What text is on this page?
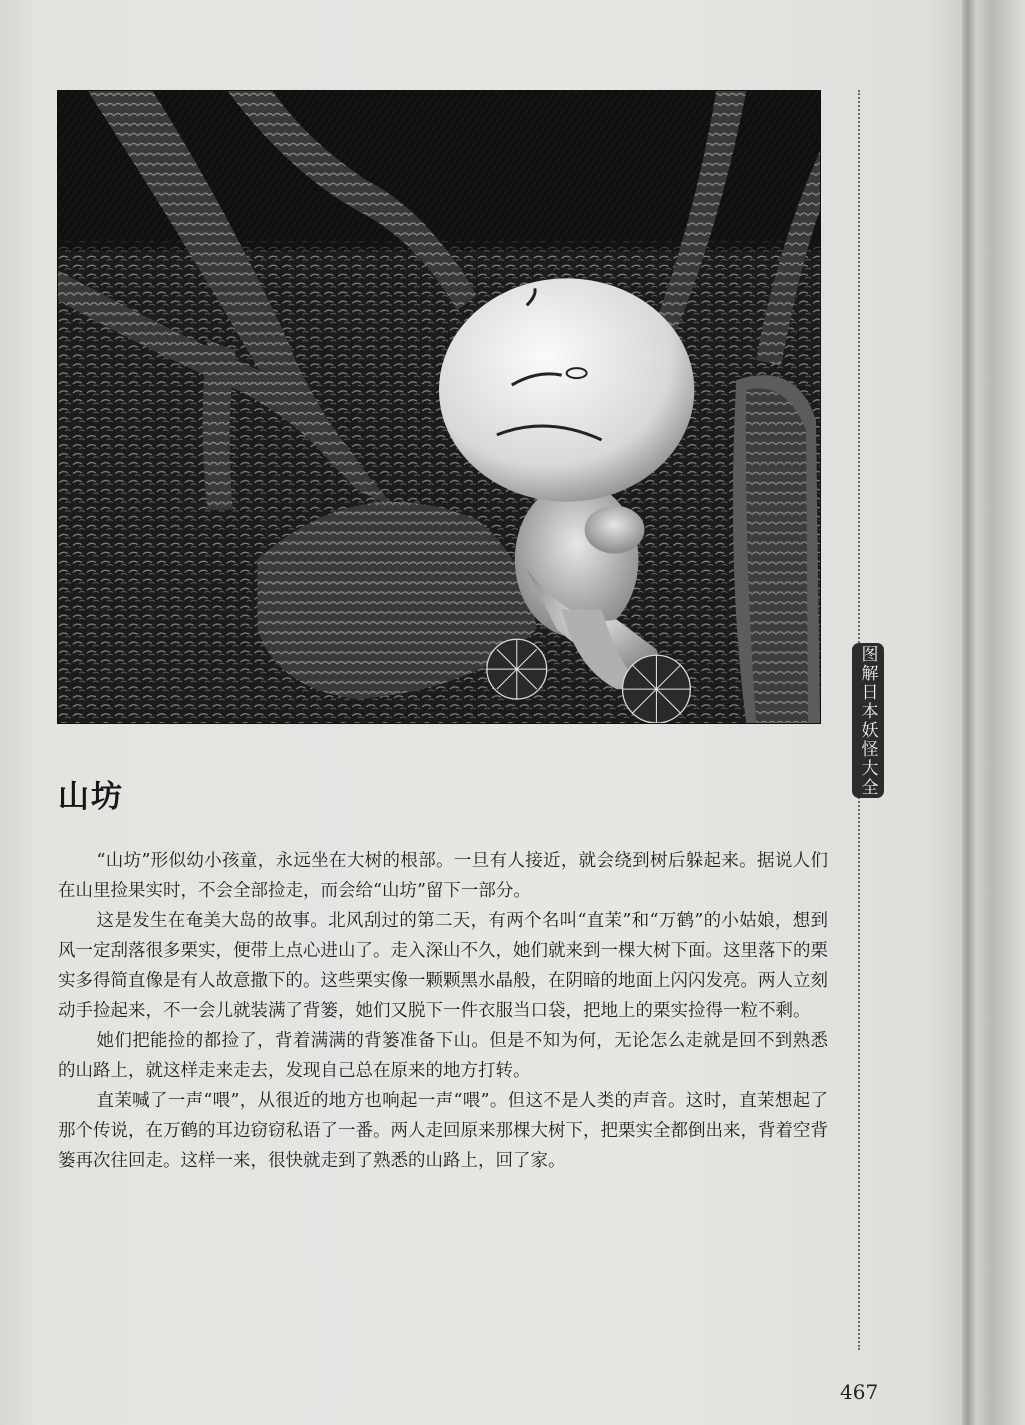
图解日本妖怪大全
山坊

“山坊”形似幼小孩童，永远坐在大树的根部。一旦有人接近，就会绕到树后躲起来。据说人们在山里捡果实时，不会全部捡走，而会给“山坊”留下一部分。

这是发生在奄美大岛的故事。北风刮过的第二天，有两个名叫“直茉”和“万鹤”的小姑娘，想到风一定刮落很多栗实，便带上点心进山了。走入深山不久，她们就来到一棵大树下面。这里落下的栗实多得简直像是有人故意撒下的。这些栗实像一颗颗黑水晶般，在阴暗的地面上闪闪发亮。两人立刻动手捡起来，不一会儿就装满了背篓，她们又脱下一件衣服当口袋，把地上的栗实捡得一粒不剩。

她们把能捡的都捡了，背着满满的背篓准备下山。但是不知为何，无论怎么走就是回不到熟悉的山路上，就这样走来走去，发现自己总在原来的地方打转。

直茉喊了一声“喂”，从很近的地方也响起一声“喂”。但这不是人类的声音。这时，直茉想起了那个传说，在万鹤的耳边窃窃私语了一番。两人走回原来那棵大树下，把栗实全都倒出来，背着空背篓再次往回走。这样一来，很快就走到了熟悉的山路上，回了家。

467
